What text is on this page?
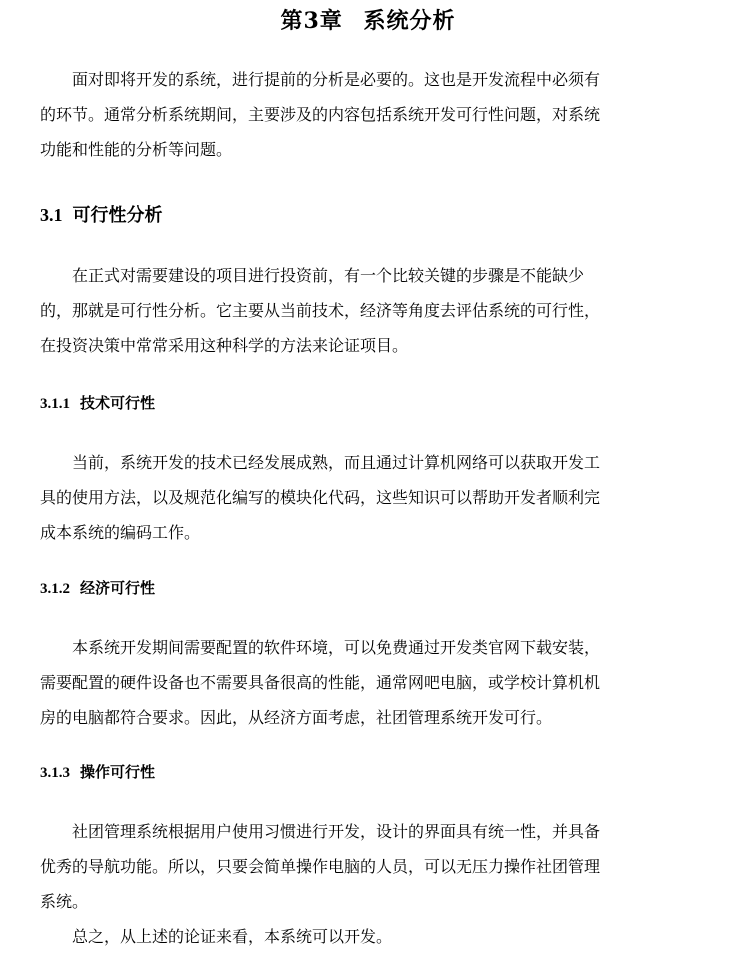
第3章 系统分析
面对即将开发的系统，进行提前的分析是必要的。这也是开发流程中必须有
的环节。通常分析系统期间，主要涉及的内容包括系统开发可行性问题，对系统
功能和性能的分析等问题。
3.1 可行性分析
在正式对需要建设的项目进行投资前，有一个比较关键的步骤是不能缺少
的，那就是可行性分析。它主要从当前技术，经济等角度去评估系统的可行性，
在投资决策中常常采用这种科学的方法来论证项目。
3.1.1 技术可行性
当前，系统开发的技术已经发展成熟，而且通过计算机网络可以获取开发工
具的使用方法，以及规范化编写的模块化代码，这些知识可以帮助开发者顺利完
成本系统的编码工作。
3.1.2 经济可行性
本系统开发期间需要配置的软件环境，可以免费通过开发类官网下载安装，
需要配置的硬件设备也不需要具备很高的性能，通常网吧电脑，或学校计算机机
房的电脑都符合要求。因此，从经济方面考虑，社团管理系统开发可行。
3.1.3 操作可行性
社团管理系统根据用户使用习惯进行开发，设计的界面具有统一性，并具备
优秀的导航功能。所以，只要会简单操作电脑的人员，可以无压力操作社团管理
系统。
总之，从上述的论证来看，本系统可以开发。
